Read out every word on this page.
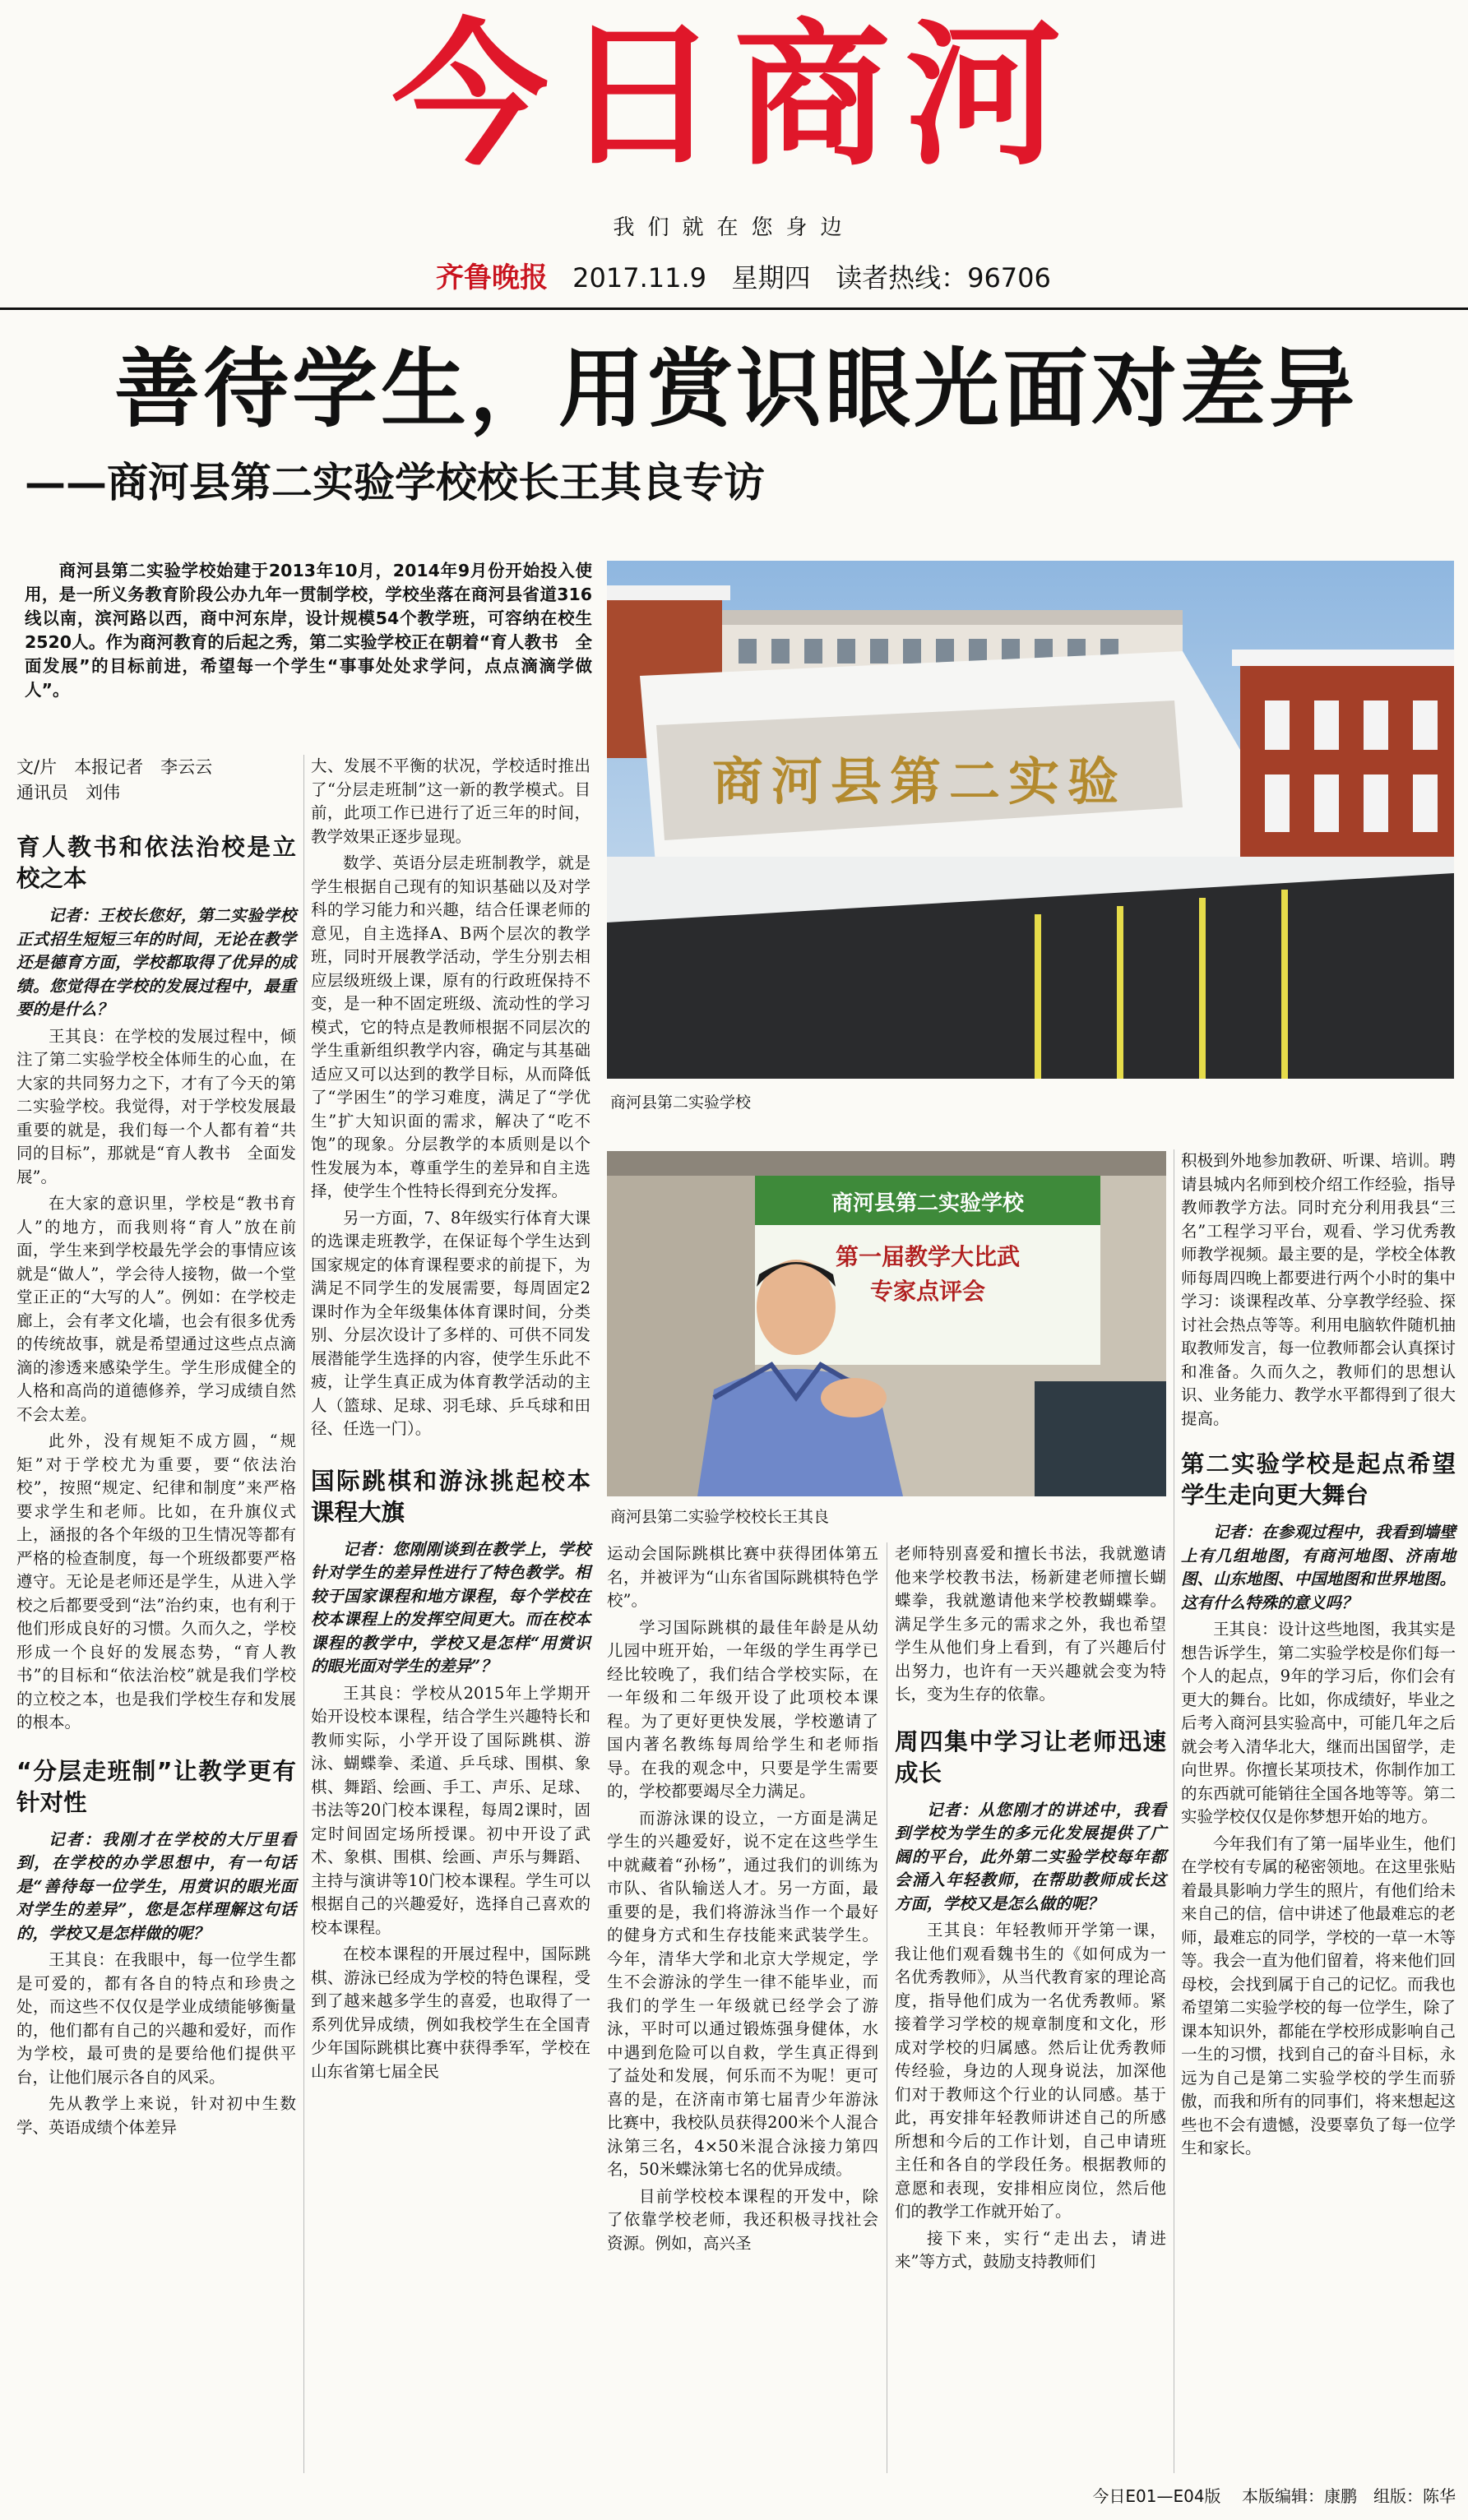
今日商河
我们就在您身边
齐鲁晚报 2017.11.9 星期四 读者热线：96706
善待学生，用赏识眼光面对差异
——商河县第二实验学校校长王其良专访
商河县第二实验学校始建于2013年10月，2014年9月份开始投入使用，是一所义务教育阶段公办九年一贯制学校，学校坐落在商河县省道316线以南，滨河路以西，商中河东岸，设计规模54个教学班，可容纳在校生2520人。作为商河教育的后起之秀，第二实验学校正在朝着“育人教书　全面发展”的目标前进，希望每一个学生“事事处处求学问，点点滴滴学做人”。
商河县第二实验
商河县第二实验学校
商河县第二实验学校
第一届教学大比武
专家点评会
商河县第二实验学校校长王其良
文/片　本报记者　李云云
通讯员　刘伟
育人教书和依法治校是立校之本

记者：王校长您好，第二实验学校正式招生短短三年的时间，无论在教学还是德育方面，学校都取得了优异的成绩。您觉得在学校的发展过程中，最重要的是什么？

王其良：在学校的发展过程中，倾注了第二实验学校全体师生的心血，在大家的共同努力之下，才有了今天的第二实验学校。我觉得，对于学校发展最重要的就是，我们每一个人都有着“共同的目标”，那就是“育人教书　全面发展”。

在大家的意识里，学校是“教书育人”的地方，而我则将“育人”放在前面，学生来到学校最先学会的事情应该就是“做人”，学会待人接物，做一个堂堂正正的“大写的人”。例如：在学校走廊上，会有孝文化墙，也会有很多优秀的传统故事，就是希望通过这些点点滴滴的渗透来感染学生。学生形成健全的人格和高尚的道德修养，学习成绩自然不会太差。

此外，没有规矩不成方圆，“规矩”对于学校尤为重要，要“依法治校”，按照“规定、纪律和制度”来严格要求学生和老师。比如，在升旗仪式上，涵报的各个年级的卫生情况等都有严格的检查制度，每一个班级都要严格遵守。无论是老师还是学生，从进入学校之后都要受到“法”治约束，也有利于他们形成良好的习惯。久而久之，学校形成一个良好的发展态势，“育人教书”的目标和“依法治校”就是我们学校的立校之本，也是我们学校生存和发展的根本。

“分层走班制”让教学更有针对性

记者：我刚才在学校的大厅里看到，在学校的办学思想中，有一句话是“善待每一位学生，用赏识的眼光面对学生的差异”，您是怎样理解这句话的，学校又是怎样做的呢？

王其良：在我眼中，每一位学生都是可爱的，都有各自的特点和珍贵之处，而这些不仅仅是学业成绩能够衡量的，他们都有自己的兴趣和爱好，而作为学校，最可贵的是要给他们提供平台，让他们展示各自的风采。

先从教学上来说，针对初中生数学、英语成绩个体差异

大、发展不平衡的状况，学校适时推出了“分层走班制”这一新的教学模式。目前，此项工作已进行了近三年的时间，教学效果正逐步显现。

数学、英语分层走班制教学，就是学生根据自己现有的知识基础以及对学科的学习能力和兴趣，结合任课老师的意见，自主选择A、B两个层次的教学班，同时开展教学活动，学生分别去相应层级班级上课，原有的行政班保持不变，是一种不固定班级、流动性的学习模式，它的特点是教师根据不同层次的学生重新组织教学内容，确定与其基础适应又可以达到的教学目标，从而降低了“学困生”的学习难度，满足了“学优生”扩大知识面的需求，解决了“吃不饱”的现象。分层教学的本质则是以个性发展为本，尊重学生的差异和自主选择，使学生个性特长得到充分发挥。

另一方面，7、8年级实行体育大课的选课走班教学，在保证每个学生达到国家规定的体育课程要求的前提下，为满足不同学生的发展需要，每周固定2课时作为全年级集体体育课时间，分类别、分层次设计了多样的、可供不同发展潜能学生选择的内容，使学生乐此不疲，让学生真正成为体育教学活动的主人（篮球、足球、羽毛球、乒乓球和田径、任选一门）。

国际跳棋和游泳挑起校本课程大旗

记者：您刚刚谈到在教学上，学校针对学生的差异性进行了特色教学。相较于国家课程和地方课程，每个学校在校本课程上的发挥空间更大。而在校本课程的教学中，学校又是怎样“用赏识的眼光面对学生的差异”？

王其良：学校从2015年上学期开始开设校本课程，结合学生兴趣特长和教师实际，小学开设了国际跳棋、游泳、蝴蝶拳、柔道、乒乓球、围棋、象棋、舞蹈、绘画、手工、声乐、足球、书法等20门校本课程，每周2课时，固定时间固定场所授课。初中开设了武术、象棋、围棋、绘画、声乐与舞蹈、主持与演讲等10门校本课程。学生可以根据自己的兴趣爱好，选择自己喜欢的校本课程。

在校本课程的开展过程中，国际跳棋、游泳已经成为学校的特色课程，受到了越来越多学生的喜爱，也取得了一系列优异成绩，例如我校学生在全国青少年国际跳棋比赛中获得季军，学校在山东省第七届全民

运动会国际跳棋比赛中获得团体第五名，并被评为“山东省国际跳棋特色学校”。

学习国际跳棋的最佳年龄是从幼儿园中班开始，一年级的学生再学已经比较晚了，我们结合学校实际，在一年级和二年级开设了此项校本课程。为了更好更快发展，学校邀请了国内著名教练每周给学生和老师指导。在我的观念中，只要是学生需要的，学校都要竭尽全力满足。

而游泳课的设立，一方面是满足学生的兴趣爱好，说不定在这些学生中就藏着“孙杨”，通过我们的训练为市队、省队输送人才。另一方面，最重要的是，我们将游泳当作一个最好的健身方式和生存技能来武装学生。今年，清华大学和北京大学规定，学生不会游泳的学生一律不能毕业，而我们的学生一年级就已经学会了游泳，平时可以通过锻炼强身健体，水中遇到危险可以自救，学生真正得到了益处和发展，何乐而不为呢！更可喜的是，在济南市第七届青少年游泳比赛中，我校队员获得200米个人混合泳第三名，4×50米混合泳接力第四名，50米蝶泳第七名的优异成绩。

目前学校校本课程的开发中，除了依靠学校老师，我还积极寻找社会资源。例如，高兴圣

老师特别喜爱和擅长书法，我就邀请他来学校教书法，杨新建老师擅长蝴蝶拳，我就邀请他来学校教蝴蝶拳。满足学生多元的需求之外，我也希望学生从他们身上看到，有了兴趣后付出努力，也许有一天兴趣就会变为特长，变为生存的依靠。

周四集中学习让老师迅速成长

记者：从您刚才的讲述中，我看到学校为学生的多元化发展提供了广阔的平台，此外第二实验学校每年都会涌入年轻教师，在帮助教师成长这方面，学校又是怎么做的呢？

王其良：年轻教师开学第一课，我让他们观看魏书生的《如何成为一名优秀教师》，从当代教育家的理论高度，指导他们成为一名优秀教师。紧接着学习学校的规章制度和文化，形成对学校的归属感。然后让优秀教师传经验，身边的人现身说法，加深他们对于教师这个行业的认同感。基于此，再安排年轻教师讲述自己的所感所想和今后的工作计划，自己申请班主任和各自的学段任务。根据教师的意愿和表现，安排相应岗位，然后他们的教学工作就开始了。

接下来，实行“走出去，请进来”等方式，鼓励支持教师们

积极到外地参加教研、听课、培训。聘请县城内名师到校介绍工作经验，指导教师教学方法。同时充分利用我县“三名”工程学习平台，观看、学习优秀教师教学视频。最主要的是，学校全体教师每周四晚上都要进行两个小时的集中学习：谈课程改革、分享教学经验、探讨社会热点等等。利用电脑软件随机抽取教师发言，每一位教师都会认真探讨和准备。久而久之，教师们的思想认识、业务能力、教学水平都得到了很大提高。

第二实验学校是起点希望学生走向更大舞台

记者：在参观过程中，我看到墙壁上有几组地图，有商河地图、济南地图、山东地图、中国地图和世界地图。这有什么特殊的意义吗？

王其良：设计这些地图，我其实是想告诉学生，第二实验学校是你们每一个人的起点，9年的学习后，你们会有更大的舞台。比如，你成绩好，毕业之后考入商河县实验高中，可能几年之后就会考入清华北大，继而出国留学，走向世界。你擅长某项技术，你制作加工的东西就可能销往全国各地等等。第二实验学校仅仅是你梦想开始的地方。

今年我们有了第一届毕业生，他们在学校有专属的秘密领地。在这里张贴着最具影响力学生的照片，有他们给未来自己的信，信中讲述了他最难忘的老师，最难忘的同学，学校的一草一木等等。我会一直为他们留着，将来他们回母校，会找到属于自己的记忆。而我也希望第二实验学校的每一位学生，除了课本知识外，都能在学校形成影响自己一生的习惯，找到自己的奋斗目标，永远为自己是第二实验学校的学生而骄傲，而我和所有的同事们，将来想起这些也不会有遗憾，没要辜负了每一位学生和家长。

今日E01—E04版 本版编辑：康鹏　组版：陈华
